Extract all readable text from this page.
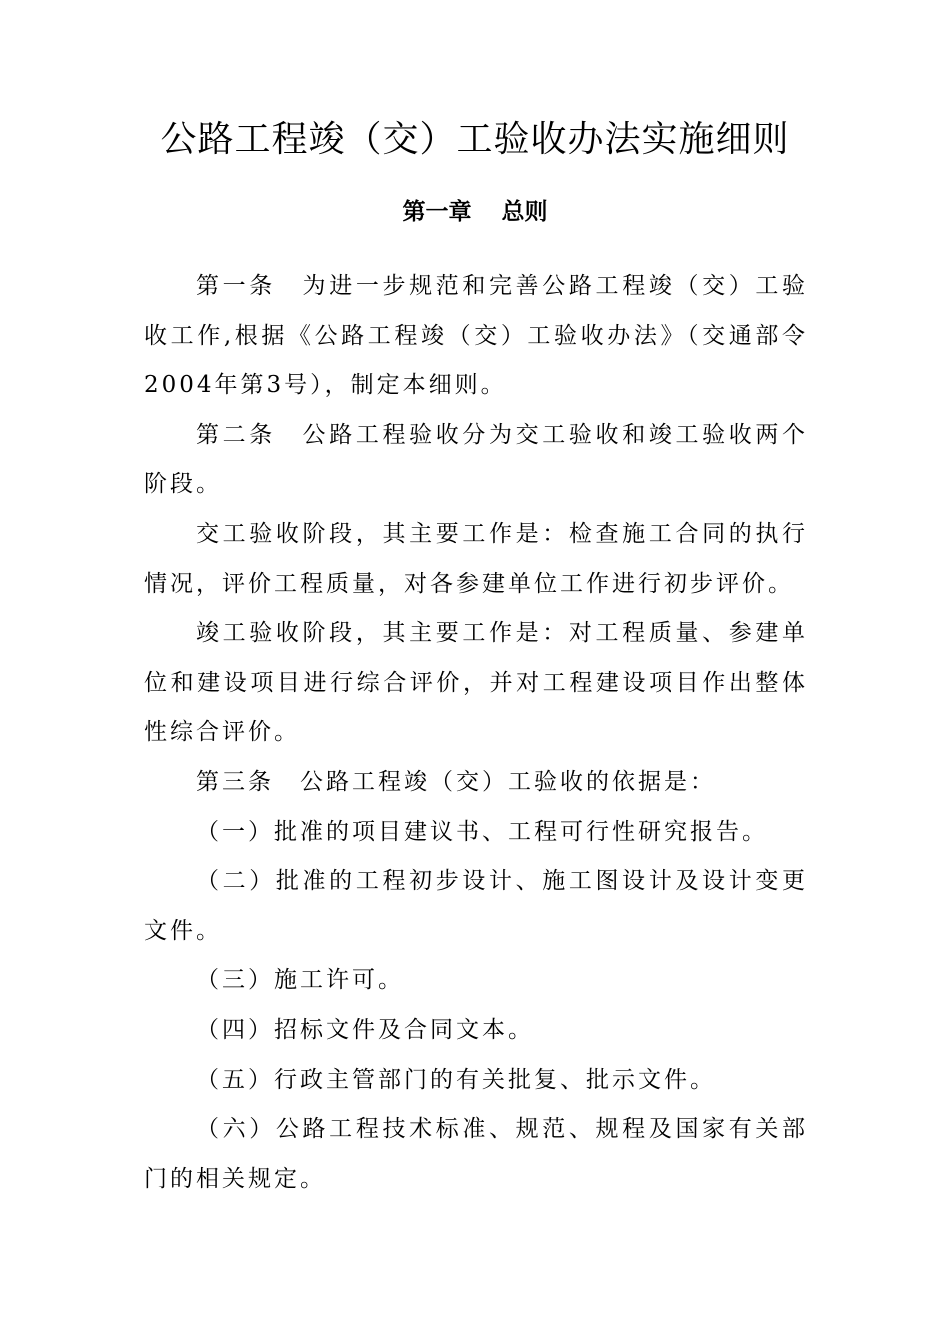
公路工程竣（交）工验收办法实施细则
第一章 总则

第一条 为进一步规范和完善公路工程竣（交）工验收工作,根据《公路工程竣（交）工验收办法》（交通部令2004年第3号），制定本细则。

第二条 公路工程验收分为交工验收和竣工验收两个阶段。

交工验收阶段，其主要工作是：检查施工合同的执行情况，评价工程质量，对各参建单位工作进行初步评价。

竣工验收阶段，其主要工作是：对工程质量、参建单位和建设项目进行综合评价，并对工程建设项目作出整体性综合评价。

第三条 公路工程竣（交）工验收的依据是：

（一）批准的项目建议书、工程可行性研究报告。

（二）批准的工程初步设计、施工图设计及设计变更文件。

（三）施工许可。

（四）招标文件及合同文本。

（五）行政主管部门的有关批复、批示文件。

（六）公路工程技术标准、规范、规程及国家有关部门的相关规定。
